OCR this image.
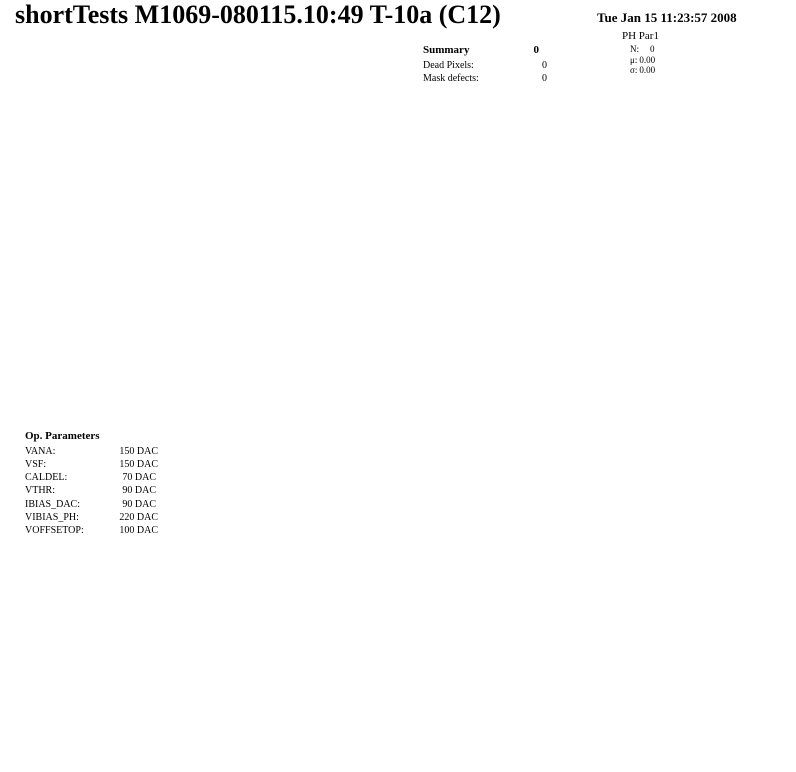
shortTests M1069-080115.10:49 T-10a (C12)	Tue Jan 15 11:23:57 2008
Summary	0
Dead Pixels:	0
Mask defects:	0
PH Par1
N: 0
μ: 0.00
σ: 0.00
Op. Parameters
VANA:	150 DAC
VSF:	150 DAC
CALDEL:	70 DAC
VTHR:	90 DAC
IBIAS_DAC:	90 DAC
VIBIAS_PH:	220 DAC
VOFFSETOP:	100 DAC
